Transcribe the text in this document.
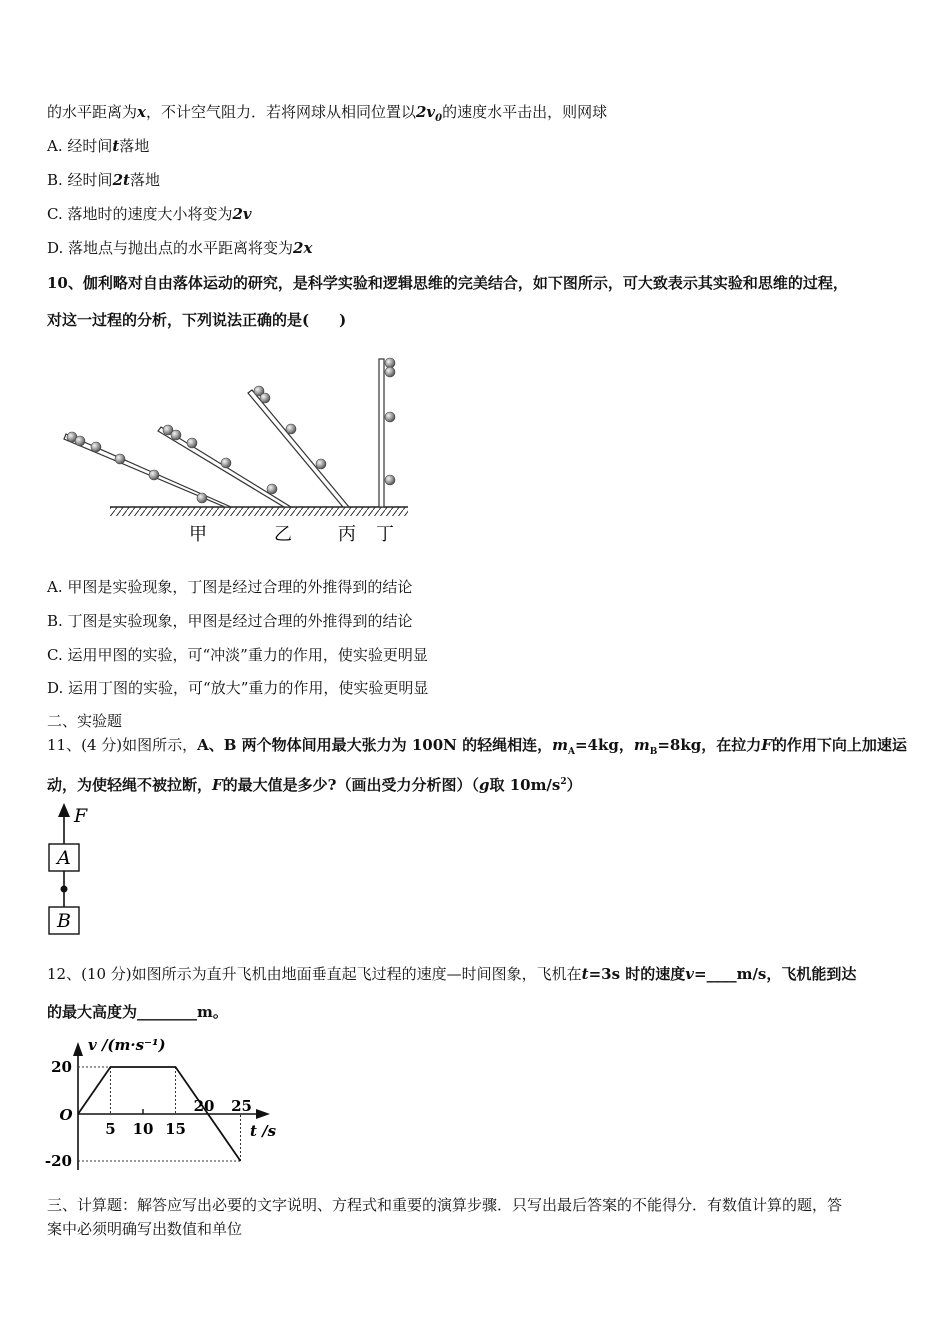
的水平距离为x，不计空气阻力．若将网球从相同位置以$2v_0$的速度水平击出，则网球
A. 经时间t落地
B. 经时间2t落地
C. 落地时的速度大小将变为2v
D. 落地点与抛出点的水平距离将变为2x
10、伽利略对自由落体运动的研究，是科学实验和逻辑思维的完美结合，如下图所示，可大致表示其实验和思维的过程，
对这一过程的分析，下列说法正确的是(　　)
甲	乙	丙 丁
A. 甲图是实验现象，丁图是经过合理的外推得到的结论
B. 丁图是实验现象，甲图是经过合理的外推得到的结论
C. 运用甲图的实验，可“冲淡”重力的作用，使实验更明显
D. 运用丁图的实验，可“放大”重力的作用，使实验更明显
二、实验题
11、(4 分)如图所示，A、B 两个物体间用最大张力为 100N 的轻绳相连，$m_A=4kg$，$m_B=8kg$，在拉力F的作用下向上加速运
动，为使轻绳不被拉断，F的最大值是多少?（画出受力分析图）（g取 $10m/s^2$）
F
A
B
12、(10 分)如图所示为直升飞机由地面垂直起飞过程的速度—时间图象，飞机在t=3s 时的速度v=____m/s，飞机能到达
的最大高度为________m。
v /(m·s⁻¹)
t /s
O
5 10 15
20 25
20
-20
三、计算题：解答应写出必要的文字说明、方程式和重要的演算步骤．只写出最后答案的不能得分．有数值计算的题，答
案中必须明确写出数值和单位
